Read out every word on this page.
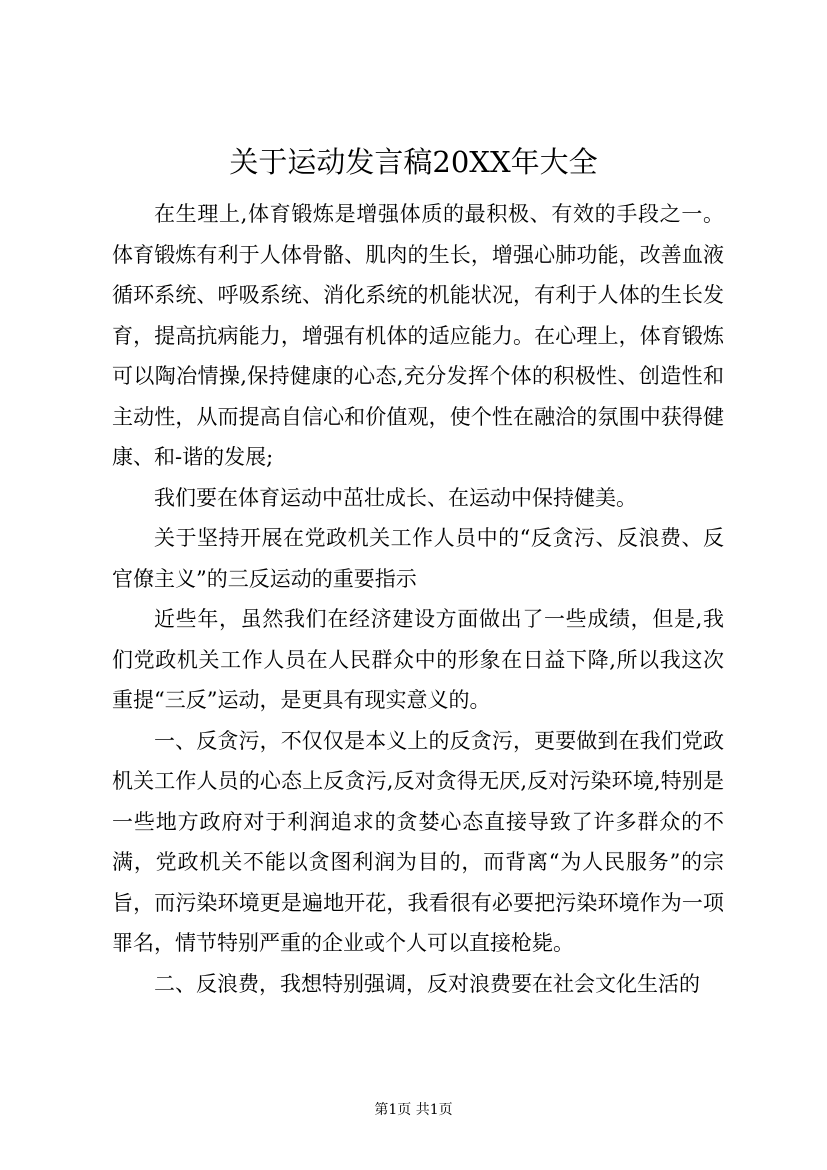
关于运动发言稿20XX年大全

在生理上,体育锻炼是增强体质的最积极、有效的手段之一。体育锻炼有利于人体骨骼、肌肉的生长，增强心肺功能，改善血液循环系统、呼吸系统、消化系统的机能状况，有利于人体的生长发育，提高抗病能力，增强有机体的适应能力。在心理上，体育锻炼可以陶冶情操,保持健康的心态,充分发挥个体的积极性、创造性和主动性，从而提高自信心和价值观，使个性在融洽的氛围中获得健康、和-谐的发展;

我们要在体育运动中茁壮成长、在运动中保持健美。

关于坚持开展在党政机关工作人员中的“反贪污、反浪费、反官僚主义”的三反运动的重要指示

近些年，虽然我们在经济建设方面做出了一些成绩，但是,我们党政机关工作人员在人民群众中的形象在日益下降,所以我这次重提“三反”运动，是更具有现实意义的。

一、反贪污，不仅仅是本义上的反贪污，更要做到在我们党政机关工作人员的心态上反贪污,反对贪得无厌,反对污染环境,特别是一些地方政府对于利润追求的贪婪心态直接导致了许多群众的不满，党政机关不能以贪图利润为目的，而背离“为人民服务”的宗旨，而污染环境更是遍地开花，我看很有必要把污染环境作为一项罪名，情节特别严重的企业或个人可以直接枪毙。

二、反浪费，我想特别强调，反对浪费要在社会文化生活的

第1页 共1页
